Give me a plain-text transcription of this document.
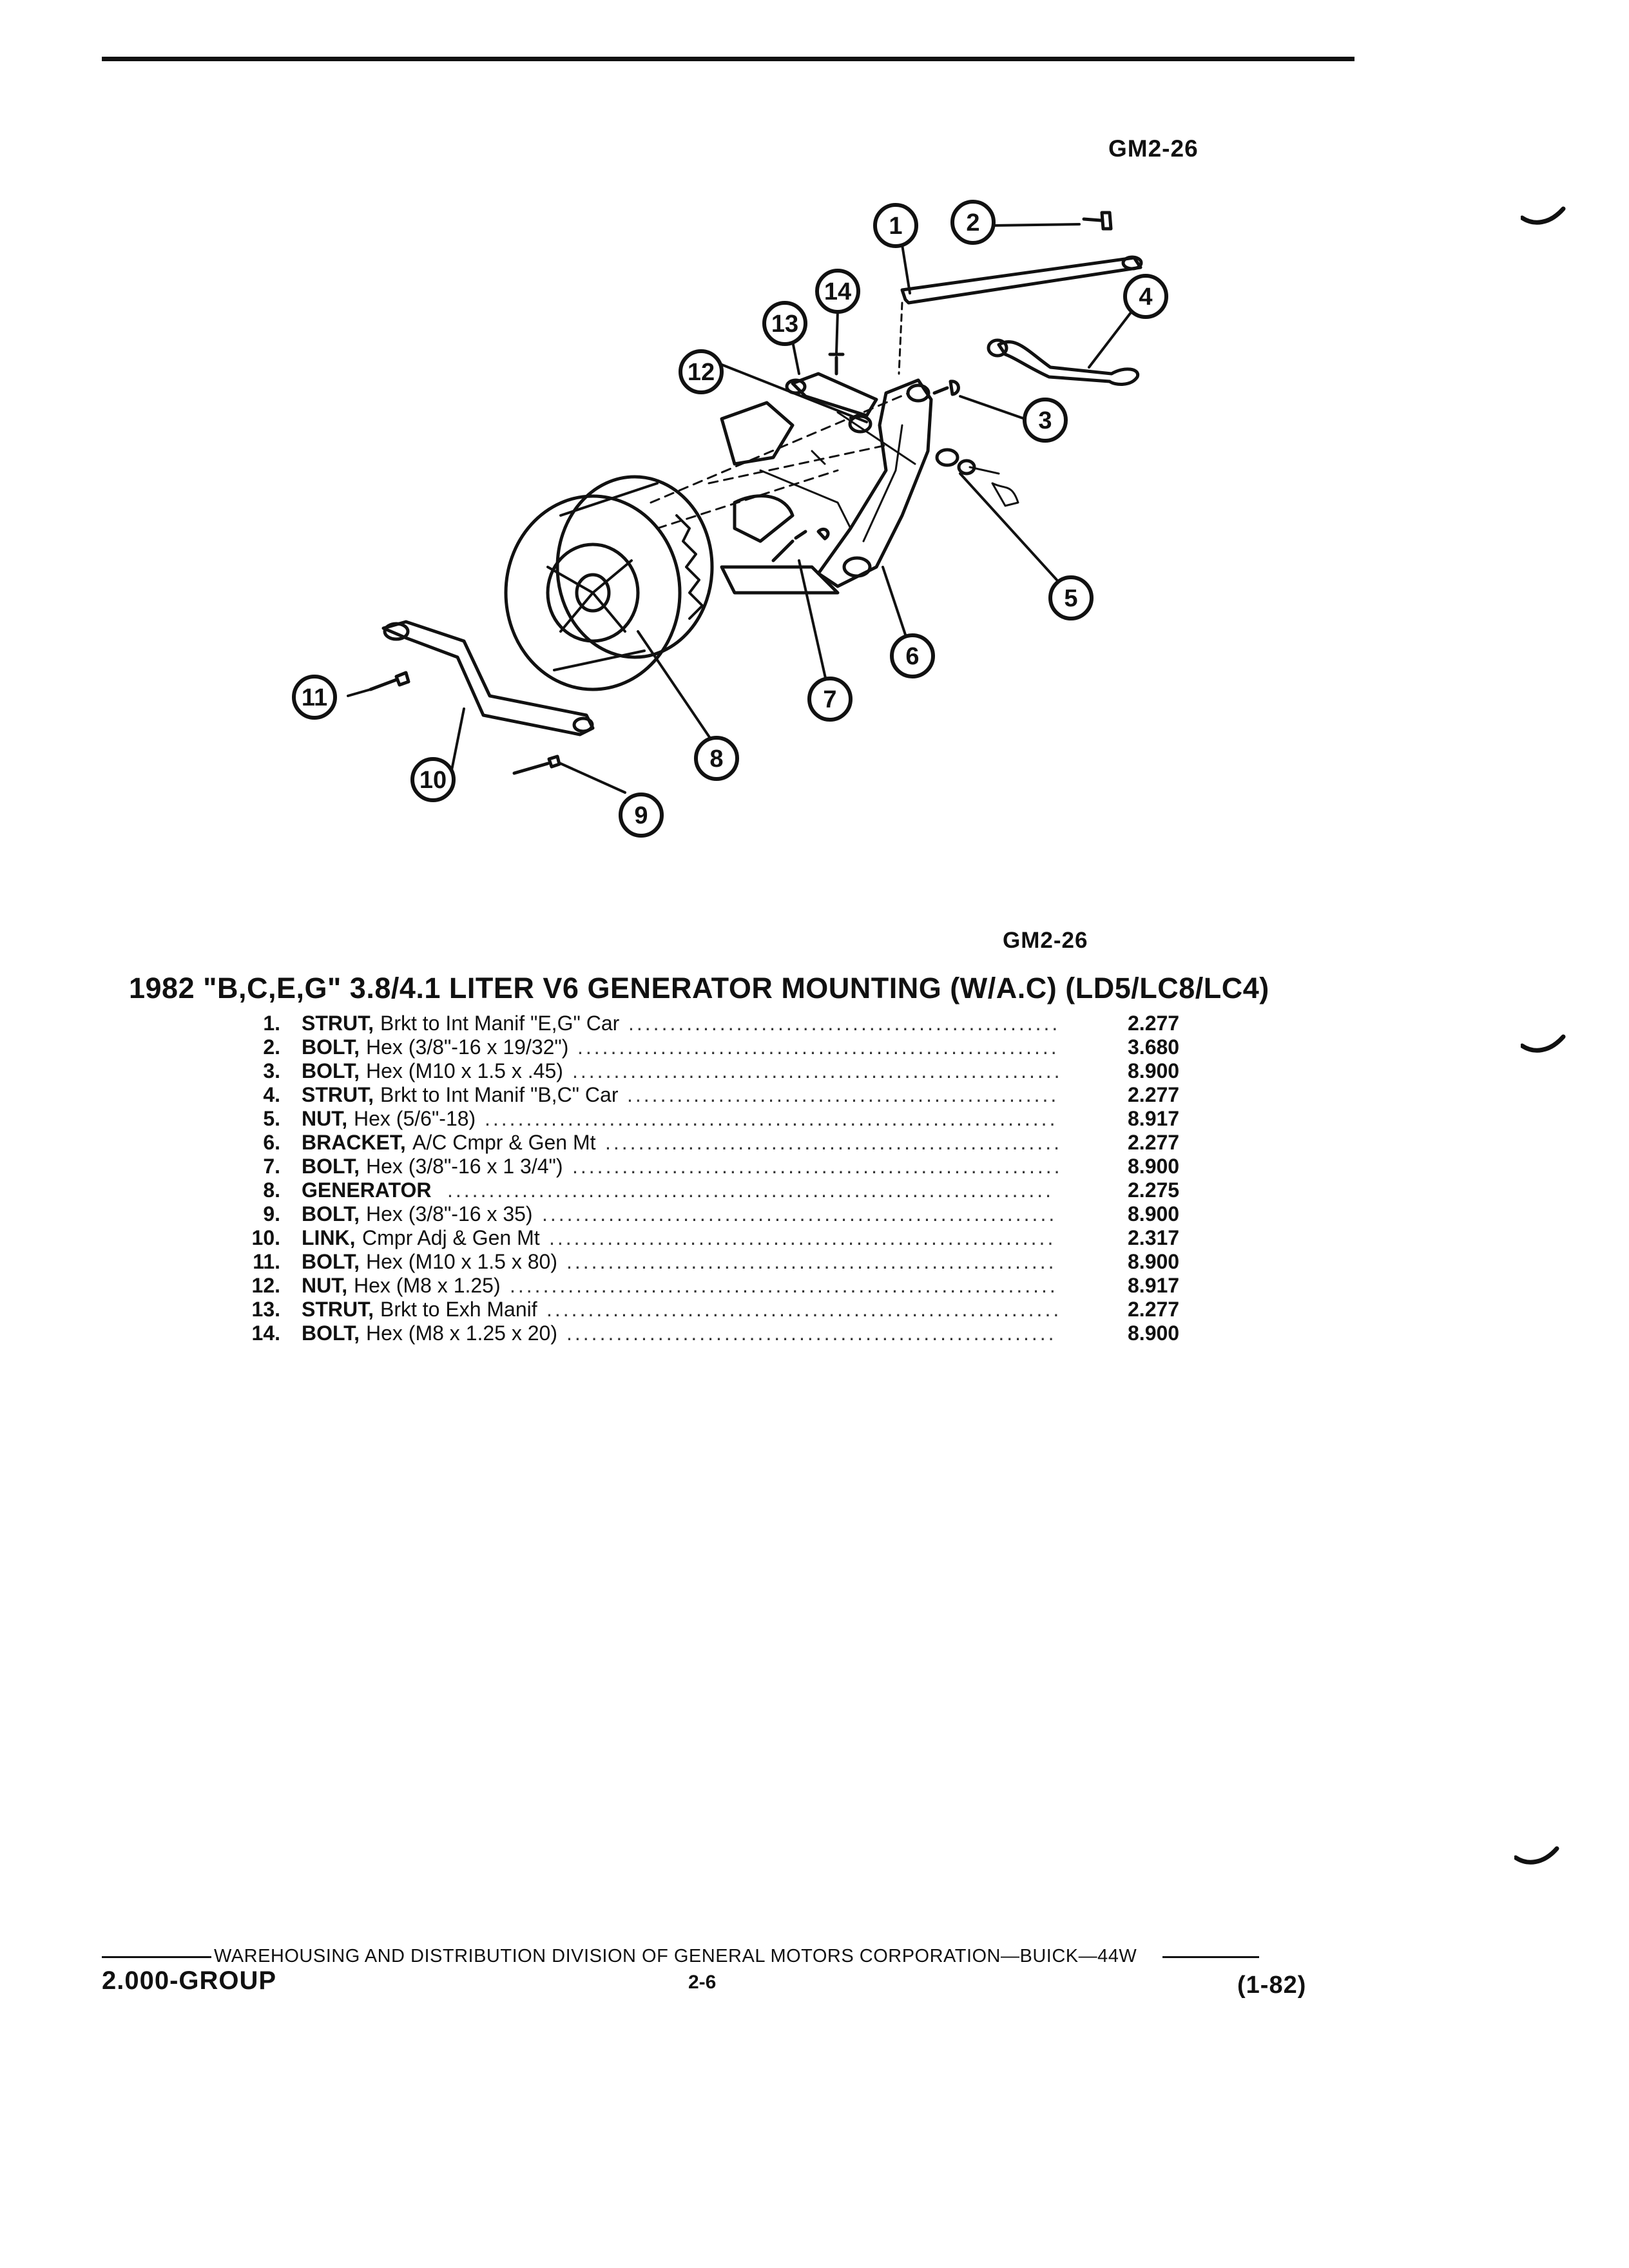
GM2-26
1	2
4
14
13
12
3
5
6
7
8
9
10
11
GM2-26
1982 "B,C,E,G" 3.8/4.1 LITER V6 GENERATOR MOUNTING (W/A.C) (LD5/LC8/LC4)
1. STRUT, Brkt to Int Manif "E,G" Car ....................................................	2.277
2. BOLT, Hex (3/8"-16 x 19/32") ..........................................................	3.680
3. BOLT, Hex (M10 x 1.5 x .45) ...........................................................	8.900
4. STRUT, Brkt to Int Manif "B,C" Car ....................................................	2.277
5. NUT, Hex (5/6"-18) .....................................................................	8.917
6. BRACKET, A/C Cmpr & Gen Mt .......................................................	2.277
7. BOLT, Hex (3/8"-16 x 1 3/4") ...........................................................	8.900
8. GENERATOR .........................................................................	2.275
9. BOLT, Hex (3/8"-16 x 35) ..............................................................	8.900
10. LINK, Cmpr Adj & Gen Mt .............................................................	2.317
11. BOLT, Hex (M10 x 1.5 x 80) ...........................................................	8.900
12. NUT, Hex (M8 x 1.25) ..................................................................	8.917
13. STRUT, Brkt to Exh Manif ..............................................................	2.277
14. BOLT, Hex (M8 x 1.25 x 20) ...........................................................	8.900
WAREHOUSING AND DISTRIBUTION DIVISION OF GENERAL MOTORS CORPORATION—BUICK—44W
2.000-GROUP	2-6	(1-82)
